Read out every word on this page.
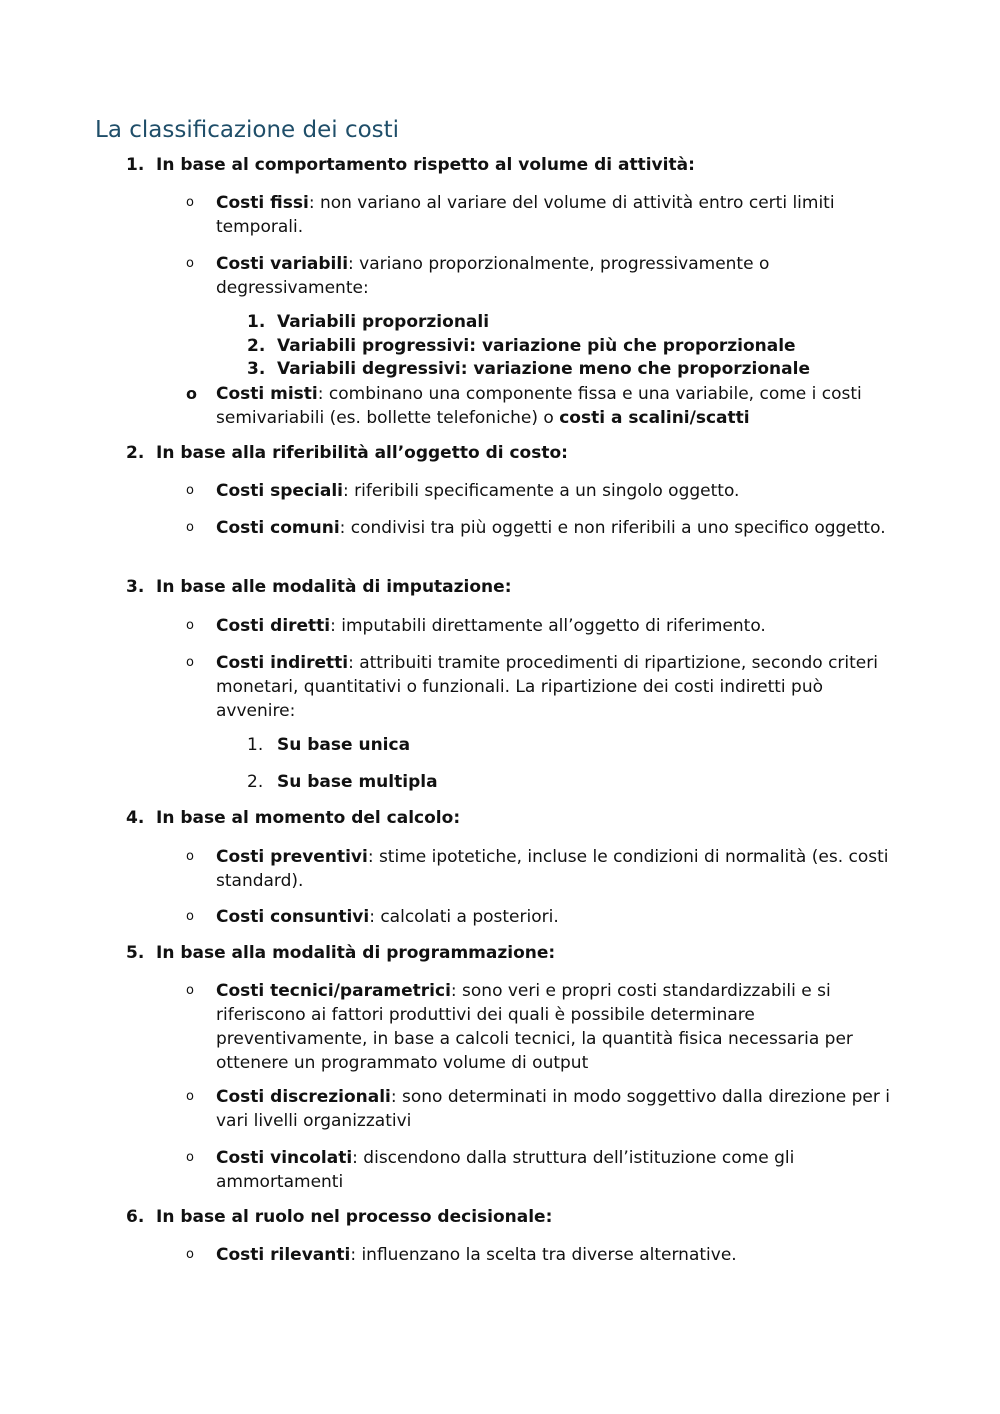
La classificazione dei costi
1. In base al comportamento rispetto al volume di attività:
o Costi fissi: non variano al variare del volume di attività entro certi limiti temporali.
o Costi variabili: variano proporzionalmente, progressivamente o degressivamente:
1. Variabili proporzionali
2. Variabili progressivi: variazione più che proporzionale
3. Variabili degressivi: variazione meno che proporzionale
o Costi misti: combinano una componente fissa e una variabile, come i costi semivariabili (es. bollette telefoniche) o costi a scalini/scatti
2. In base alla riferibilità all’oggetto di costo:
o Costi speciali: riferibili specificamente a un singolo oggetto.
o Costi comuni: condivisi tra più oggetti e non riferibili a uno specifico oggetto.
3. In base alle modalità di imputazione:
o Costi diretti: imputabili direttamente all’oggetto di riferimento.
o Costi indiretti: attribuiti tramite procedimenti di ripartizione, secondo criteri monetari, quantitativi o funzionali. La ripartizione dei costi indiretti può avvenire:
1. Su base unica
2. Su base multipla
4. In base al momento del calcolo:
o Costi preventivi: stime ipotetiche, incluse le condizioni di normalità (es. costi standard).
o Costi consuntivi: calcolati a posteriori.
5. In base alla modalità di programmazione:
o Costi tecnici/parametrici: sono veri e propri costi standardizzabili e si riferiscono ai fattori produttivi dei quali è possibile determinare preventivamente, in base a calcoli tecnici, la quantità fisica necessaria per ottenere un programmato volume di output
o Costi discrezionali: sono determinati in modo soggettivo dalla direzione per i vari livelli organizzativi
o Costi vincolati: discendono dalla struttura dell’istituzione come gli ammortamenti
6. In base al ruolo nel processo decisionale:
o Costi rilevanti: influenzano la scelta tra diverse alternative.
